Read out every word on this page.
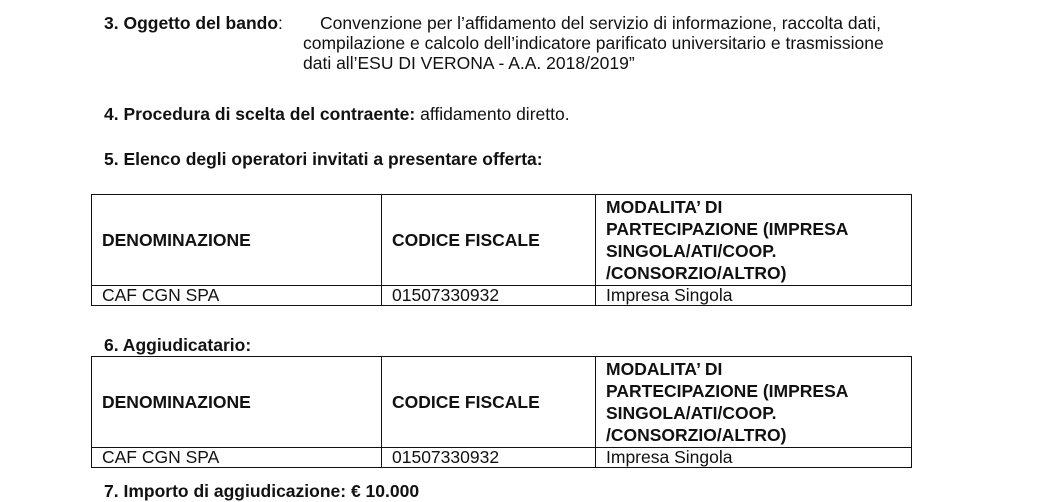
3. Oggetto del bando:	Convenzione per l’affidamento del servizio di informazione, raccolta dati,
compilazione e calcolo dell’indicatore parificato universitario e trasmissione
dati all’ESU DI VERONA - A.A. 2018/2019”
4. Procedura di scelta del contraente: affidamento diretto.
5. Elenco degli operatori invitati a presentare offerta:
DENOMINAZIONE	CODICE FISCALE	MODALITA’ DI
PARTECIPAZIONE (IMPRESA
SINGOLA/ATI/COOP.
/CONSORZIO/ALTRO)

CAF CGN SPA	01507330932	Impresa Singola
6. Aggiudicatario:
DENOMINAZIONE	CODICE FISCALE	MODALITA’ DI
PARTECIPAZIONE (IMPRESA
SINGOLA/ATI/COOP.
/CONSORZIO/ALTRO)

CAF CGN SPA	01507330932	Impresa Singola
7. Importo di aggiudicazione: € 10.000
